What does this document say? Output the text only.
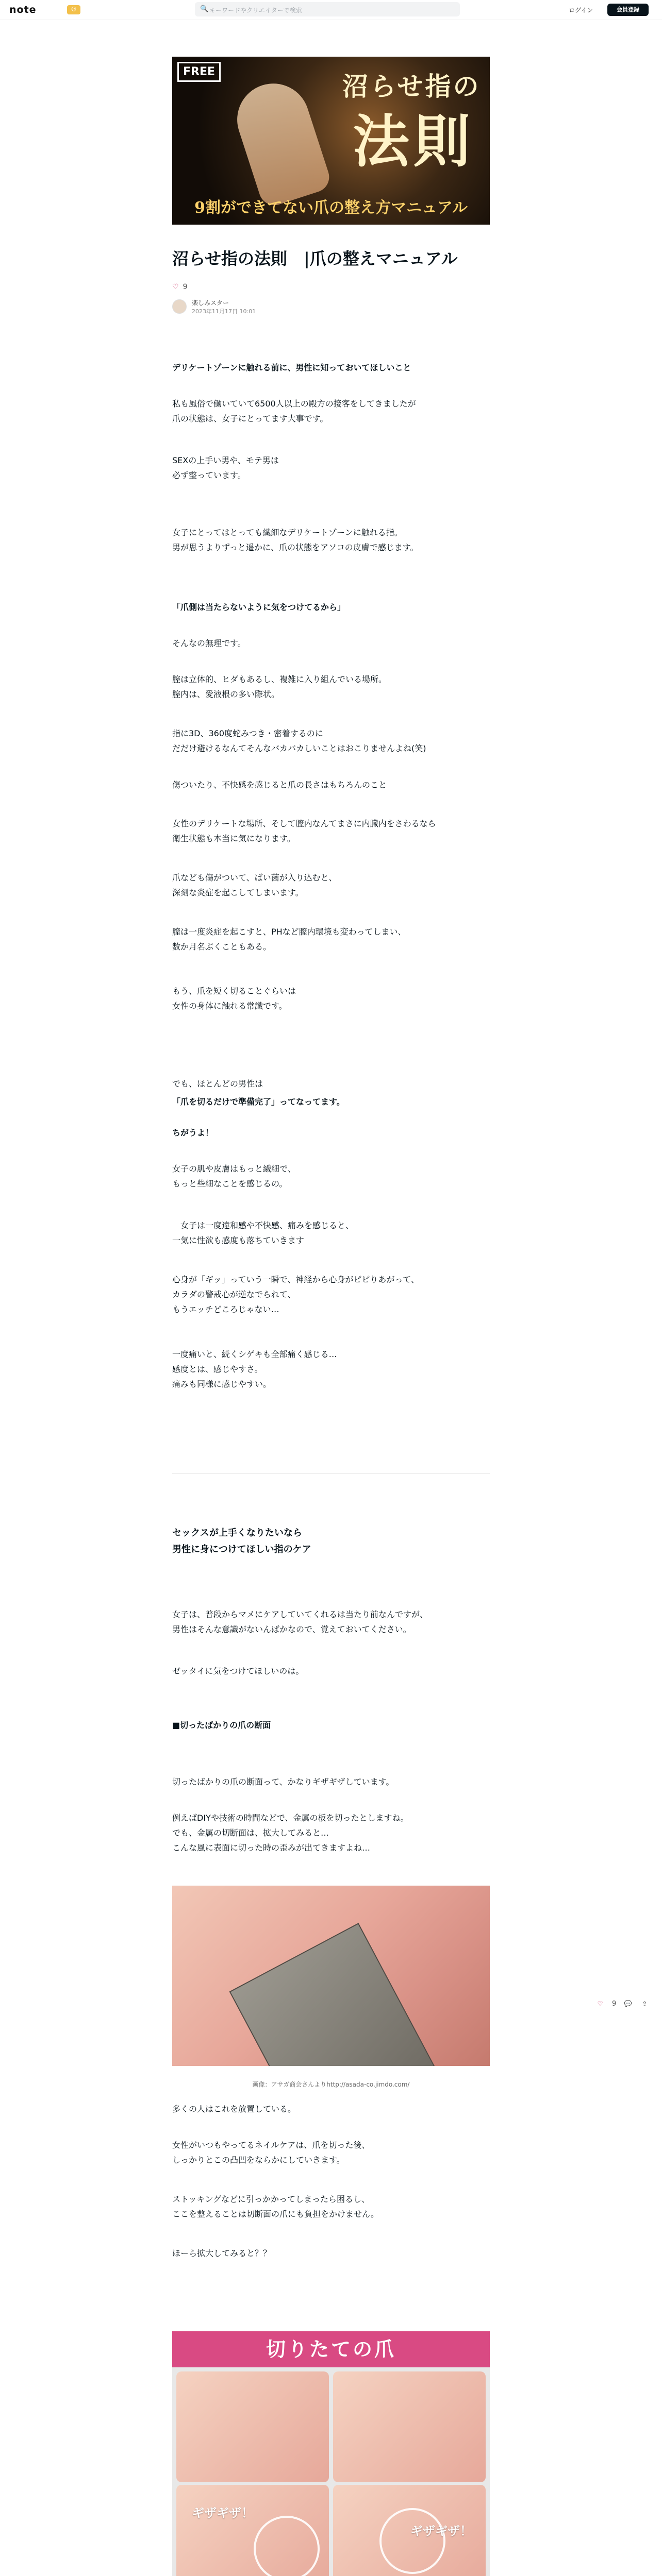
note	☺	🔍 キーワードやクリエイターで検索	ログイン	会員登録
FREE	沼らせ指の
法則
9割ができてない爪の整え方マニュアル
沼らせ指の法則　|爪の整えマニュアル
♡ 9
楽しみスター
2023年11月17日 10:01

デリケートゾーンに触れる前に、男性に知っておいてほしいこと

私も風俗で働いていて6500人以上の殿方の接客をしてきましたが
爪の状態は、女子にとってます大事です。

SEXの上手い男や、モテ男は
必ず整っています。

女子にとってはとっても繊細なデリケートゾーンに触れる指。
男が思うよりずっと遥かに、爪の状態をアソコの皮膚で感じます。

「爪側は当たらないように気をつけてるから」

そんなの無理です。

膣は立体的、ヒダもあるし、複雑に入り組んでいる場所。
膣内は、愛液根の多い際状。

指に3D、360度蛇みつき・密着するのに
だだけ避けるなんてそんなバカバカしいことはおこりませんよね(笑)

傷ついたり、不快感を感じると爪の長さはもちろんのこと

女性のデリケートな場所、そして膣内なんてまさに内臓内をさわるなら
衛生状態も本当に気になります。

爪なども傷がついて、ばい菌が入り込むと、
深刻な炎症を起こしてしまいます。

膣は一度炎症を起こすと、PHなど膣内環境も変わってしまい、
数か月名ぶくこともある。

もう、爪を短く切ることぐらいは
女性の身体に触れる常識です。

でも、ほとんどの男性は

「爪を切るだけで準備完了」ってなってます。

ちがうよ！

女子の肌や皮膚はもっと繊細で、
もっと些細なことを感じるの。

　女子は一度違和感や不快感、痛みを感じると、
一気に性欲も感度も落ちていきます

心身が「ギッ」っていう一瞬で、神経から心身がピピりあがって、
カラダの警戒心が逆なでられて、
もうエッチどころじゃない…

一度痛いと、続くシゲキも全部痛く感じる…
感度とは、感じやすさ。
痛みも同様に感じやすい。

セックスが上手くなりたいなら
男性に身につけてほしい指のケア

女子は、普段からマメにケアしていてくれるは当たり前なんですが、
男性はそんな意識がないんばかなので、覚えておいてください。

ゼッタイに気をつけてほしいのは。

■切ったばかりの爪の断面

切ったばかりの爪の断面って、かなりギザギザしています。

例えばDIYや技術の時間などで、金属の板を切ったとしますね。
でも、金属の切断面は、拡大してみると…
こんな風に表面に切った時の歪みが出てきますよね…

画像：アサガ商会さんよりhttp://asada-co.jimdo.com/

多くの人はこれを放置している。

女性がいつもやってるネイルケアは、爪を切った後、
しっかりとこの凸凹をならかにしていきます。

ストッキングなどに引っかかってしまったら困るし、
ここを整えることは切断面の爪にも負担をかけません。

ほーら拡大してみると？？

切りたての爪
ギザギザ！
ギザギザ！

♡ 9 💬	⇪
